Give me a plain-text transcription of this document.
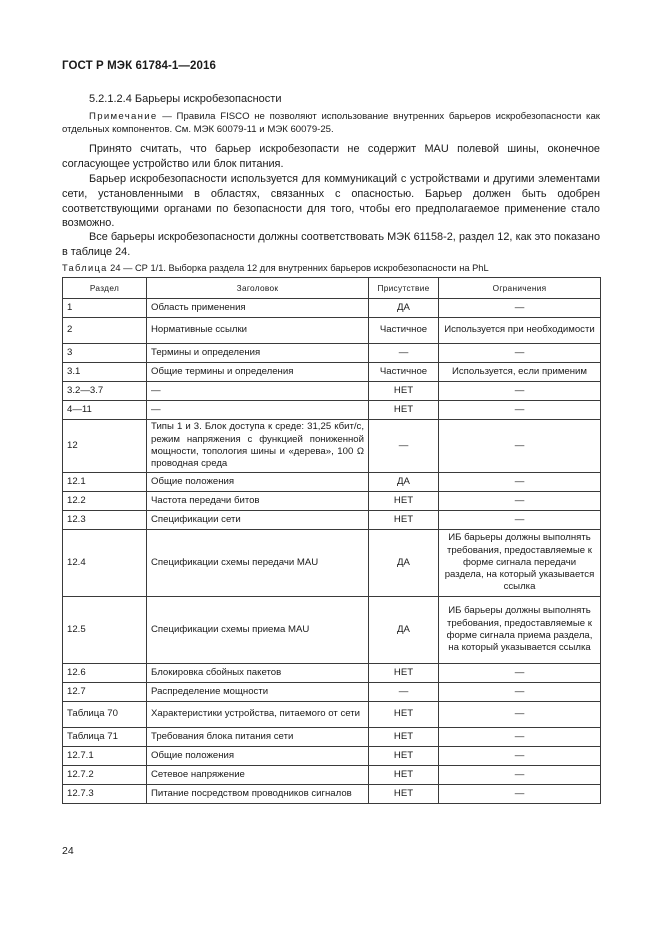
ГОСТ Р МЭК 61784-1—2016
5.2.1.2.4 Барьеры искробезопасности
Примечание — Правила FISCO не позволяют использование внутренних барьеров искробезопасности как отдельных компонентов. См. МЭК 60079-11 и МЭК 60079-25.

Принято считать, что барьер искробезопасти не содержит MAU полевой шины, оконечное согласующее устройство или блок питания.

Барьер искробезопасности используется для коммуникаций с устройствами и другими элементами сети, установленными в областях, связанных с опасностью. Барьер должен быть одобрен соответствующими органами по безопасности для того, чтобы его предполагаемое применение стало возможно.

Все барьеры искробезопасности должны соответствовать МЭК 61158-2, раздел 12, как это показано в таблице 24.

Таблица 24 — СР 1/1. Выборка раздела 12 для внутренних барьеров искробезопасности на PhL
Раздел	Заголовок	Присутствие	Ограничения
1	Область применения	ДА	—
2	Нормативные ссылки	Частичное	Используется при необходимости
3	Термины и определения	—	—
3.1	Общие термины и определения	Частичное	Используется, если применим
3.2—3.7	—	НЕТ	—
4—11	—	НЕТ	—
12	Типы 1 и 3. Блок доступа к среде: 31,25 кбит/с, режим напряжения с функцией пониженной мощности, топология шины и «дерева», 100 Ω проводная среда	—	—
12.1	Общие положения	ДА	—
12.2	Частота передачи битов	НЕТ	—
12.3	Спецификации сети	НЕТ	—
12.4	Спецификации схемы передачи MAU	ДА	ИБ барьеры должны выполнять требования, предоставляемые к форме сигнала передачи раздела, на который указывается ссылка
12.5	Спецификации схемы приема MAU	ДА	ИБ барьеры должны выполнять требования, предоставляемые к форме сигнала приема раздела, на который указывается ссылка
12.6	Блокировка сбойных пакетов	НЕТ	—
12.7	Распределение мощности	—	—
Таблица 70	Характеристики устройства, питаемого от сети	НЕТ	—
Таблица 71	Требования блока питания сети	НЕТ	—
12.7.1	Общие положения	НЕТ	—
12.7.2	Сетевое напряжение	НЕТ	—
12.7.3	Питание посредством проводников сигналов	НЕТ	—
24
